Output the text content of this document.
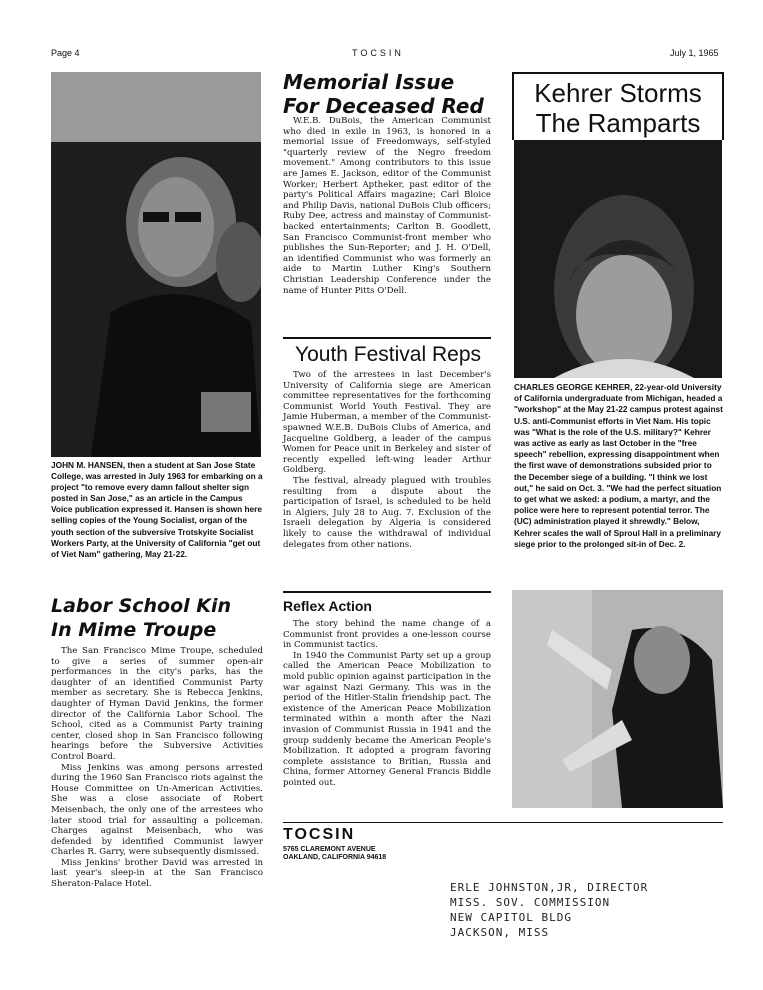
Page 4	TOCSIN	July 1, 1965
JOHN M. HANSEN, then a student at San Jose State College, was arrested in July 1963 for embarking on a project "to remove every damn fallout shelter sign posted in San Jose," as an article in the Campus Voice publication expressed it. Hansen is shown here selling copies of the Young Socialist, organ of the youth section of the subversive Trotskyite Socialist Workers Party, at the University of California "get out of Viet Nam" gathering, May 21-22.
Labor School Kin
In Mime Troupe

The San Francisco Mime Troupe, scheduled to give a series of summer open-air performances in the city's parks, has the daughter of an identified Communist Party member as secretary. She is Rebecca Jenkins, daughter of Hyman David Jenkins, the former director of the California Labor School. The School, cited as a Communist Party training center, closed shop in San Francisco following hearings before the Subversive Activities Control Board.

Miss Jenkins was among persons arrested during the 1960 San Francisco riots against the House Committee on Un-American Activities. She was a close associate of Robert Meisenbach, the only one of the arrestees who later stood trial for assaulting a policeman. Charges against Meisenbach, who was defended by identified Communist lawyer Charles R. Garry, were subsequently dismissed.

Miss Jenkins' brother David was arrested in last year's sleep-in at the San Francisco Sheraton-Palace Hotel.

Memorial Issue
For Deceased Red

W.E.B. DuBois, the American Communist who died in exile in 1963, is honored in a memorial issue of Freedomways, self-styled "quarterly review of the Negro freedom movement." Among contributors to this issue are James E. Jackson, editor of the Communist Worker; Herbert Aptheker, past editor of the party's Political Affairs magazine; Carl Bloice and Philip Davis, national DuBois Club officers; Ruby Dee, actress and mainstay of Communist-backed entertainments; Carlton B. Goodlett, San Francisco Communist-front member who publishes the Sun-Reporter; and J. H. O'Dell, an identified Communist who was formerly an aide to Martin Luther King's Southern Christian Leadership Conference under the name of Hunter Pitts O'Dell.

Youth Festival Reps

Two of the arrestees in last December's University of California siege are American committee representatives for the forthcoming Communist World Youth Festival. They are Jamie Huberman, a member of the Communist-spawned W.E.B. DuBois Clubs of America, and Jacqueline Goldberg, a leader of the campus Women for Peace unit in Berkeley and sister of recently expelled left-wing leader Arthur Goldberg.

The festival, already plagued with troubles resulting from a dispute about the participation of Israel, is scheduled to be held in Algiers, July 28 to Aug. 7. Exclusion of the Israeli delegation by Algeria is considered likely to cause the withdrawal of individual delegates from other nations.

Reflex Action

The story behind the name change of a Communist front provides a one-lesson course in Communist tactics.

In 1940 the Communist Party set up a group called the American Peace Mobilization to mold public opinion against participation in the war against Nazi Germany. This was in the period of the Hitler-Stalin friendship pact. The existence of the American Peace Mobilization terminated within a month after the Nazi invasion of Communist Russia in 1941 and the group suddenly became the American People's Mobilization. It adopted a program favoring complete assistance to Britian, Russia and China, former Attorney General Francis Biddle pointed out.

TOCSIN
5765 CLAREMONT AVENUE
OAKLAND, CALIFORNIA 94618
Kehrer Storms
The Ramparts
CHARLES GEORGE KEHRER, 22-year-old University of California undergraduate from Michigan, headed a "workshop" at the May 21-22 campus protest against U.S. anti-Communist efforts in Viet Nam. His topic was "What is the role of the U.S. military?" Kehrer was active as early as last October in the "free speech" rebellion, expressing disappointment when the first wave of demonstrations subsided prior to the December siege of a building. "I think we lost out," he said on Oct. 3. "We had the perfect situation to get what we asked: a podium, a martyr, and the police were here to represent potential terror. The (UC) administration played it shrewdly." Below, Kehrer scales the wall of Sproul Hall in a preliminary siege prior to the prolonged sit-in of Dec. 2.
ERLE JOHNSTON,JR, DIRECTOR
MISS. SOV. COMMISSION
NEW CAPITOL BLDG
JACKSON, MISS
